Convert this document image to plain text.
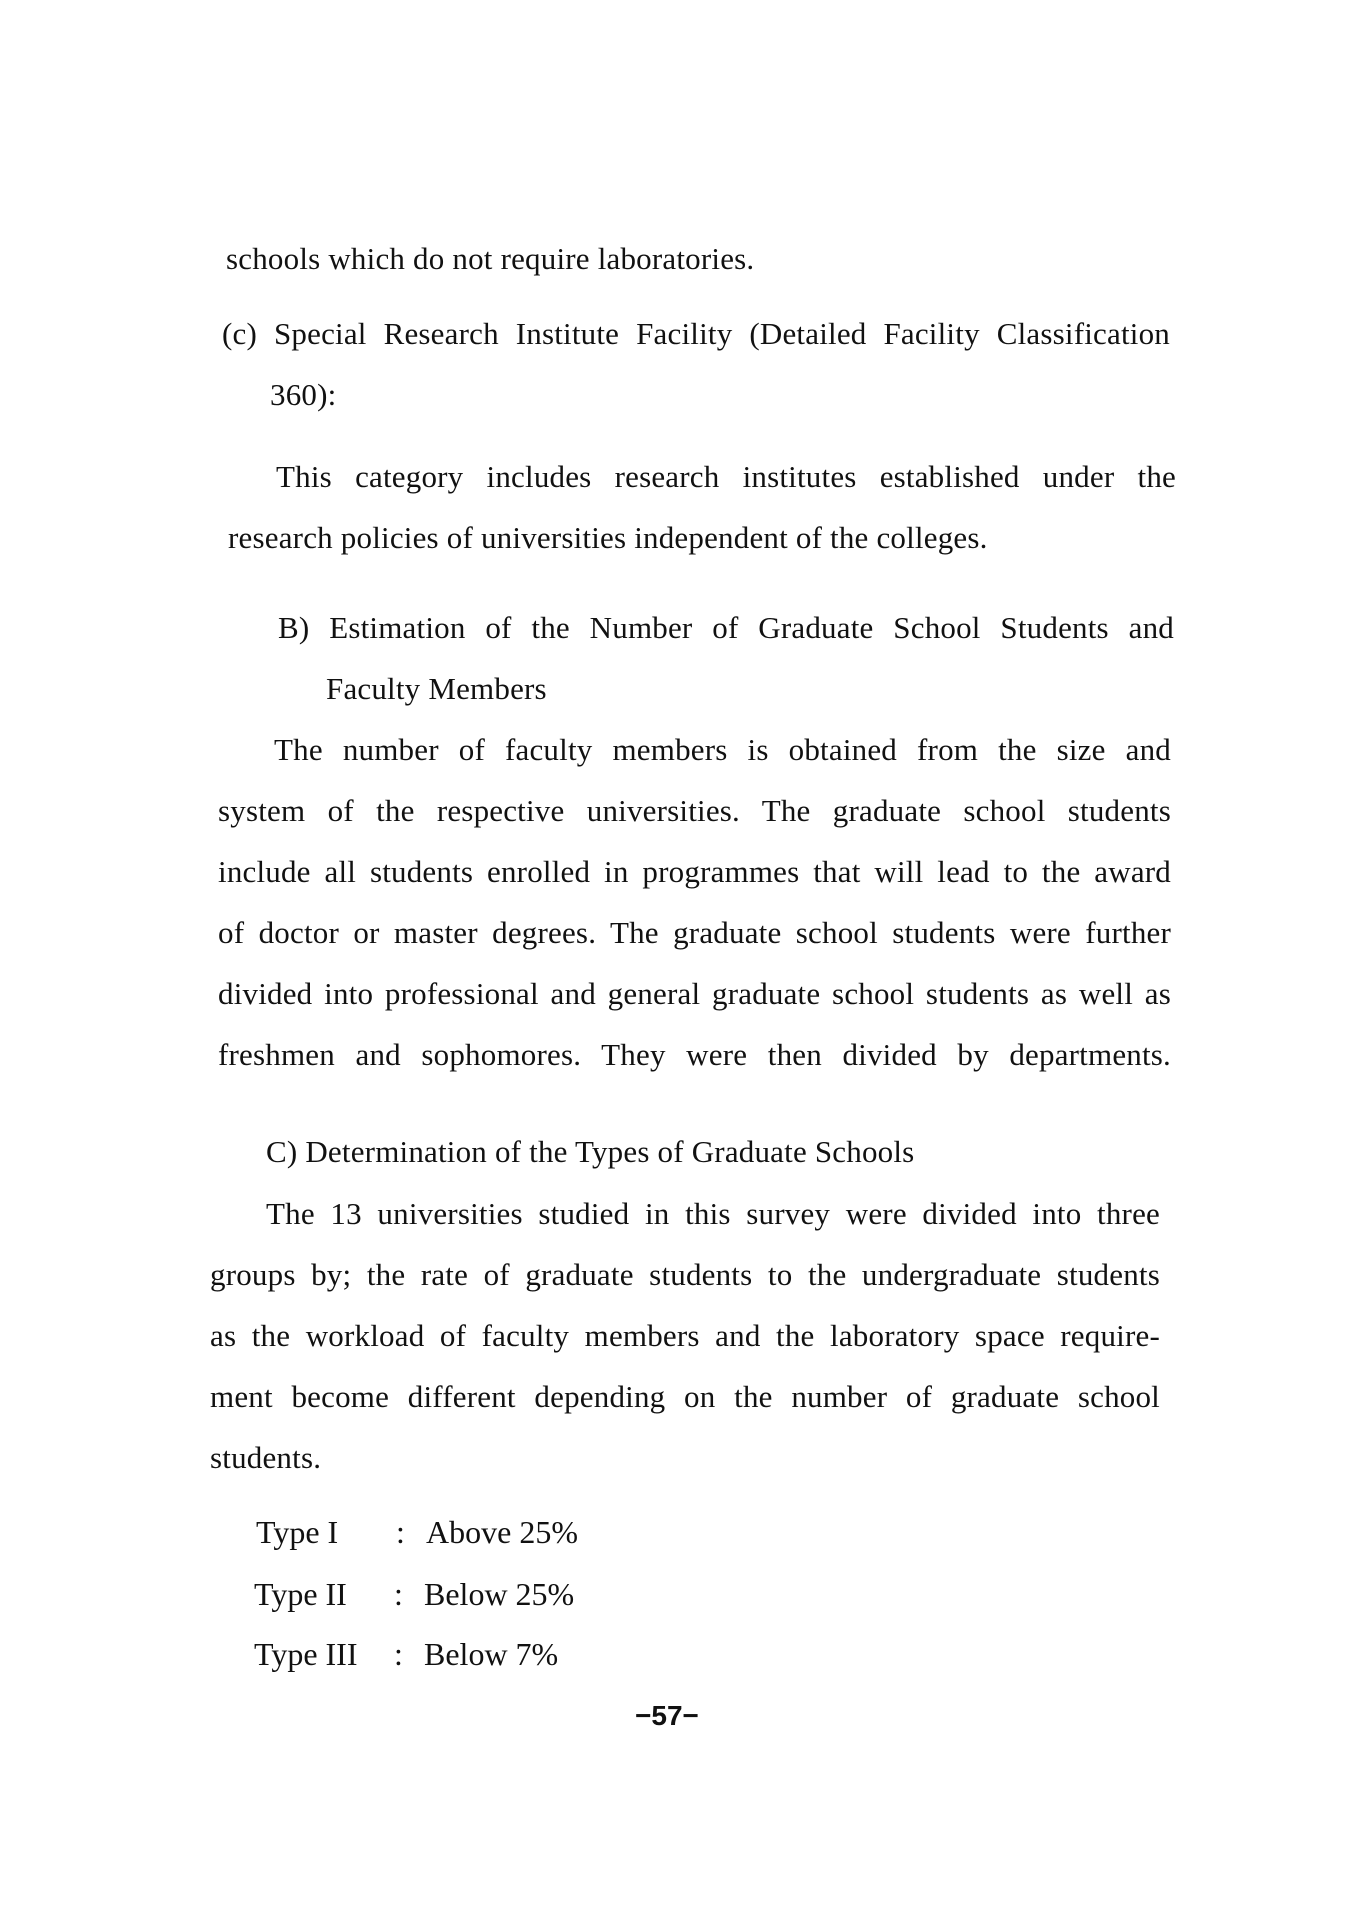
schools which do not require laboratories.
(c) Special Research Institute Facility (Detailed Facility Classification
360):
This category includes research institutes established under the
research policies of universities independent of the colleges.
B) Estimation of the Number of Graduate School Students and
Faculty Members
The number of faculty members is obtained from the size and
system of the respective universities. The graduate school students
include all students enrolled in programmes that will lead to the award
of doctor or master degrees. The graduate school students were further
divided into professional and general graduate school students as well as
freshmen and sophomores. They were then divided by departments.
C) Determination of the Types of Graduate Schools
The 13 universities studied in this survey were divided into three
groups by; the rate of graduate students to the undergraduate students
as the workload of faculty members and the laboratory space require-
ment become different depending on the number of graduate school
students.
Type I : Above 25%
Type II : Below 25%
Type III : Below 7%
−57−
